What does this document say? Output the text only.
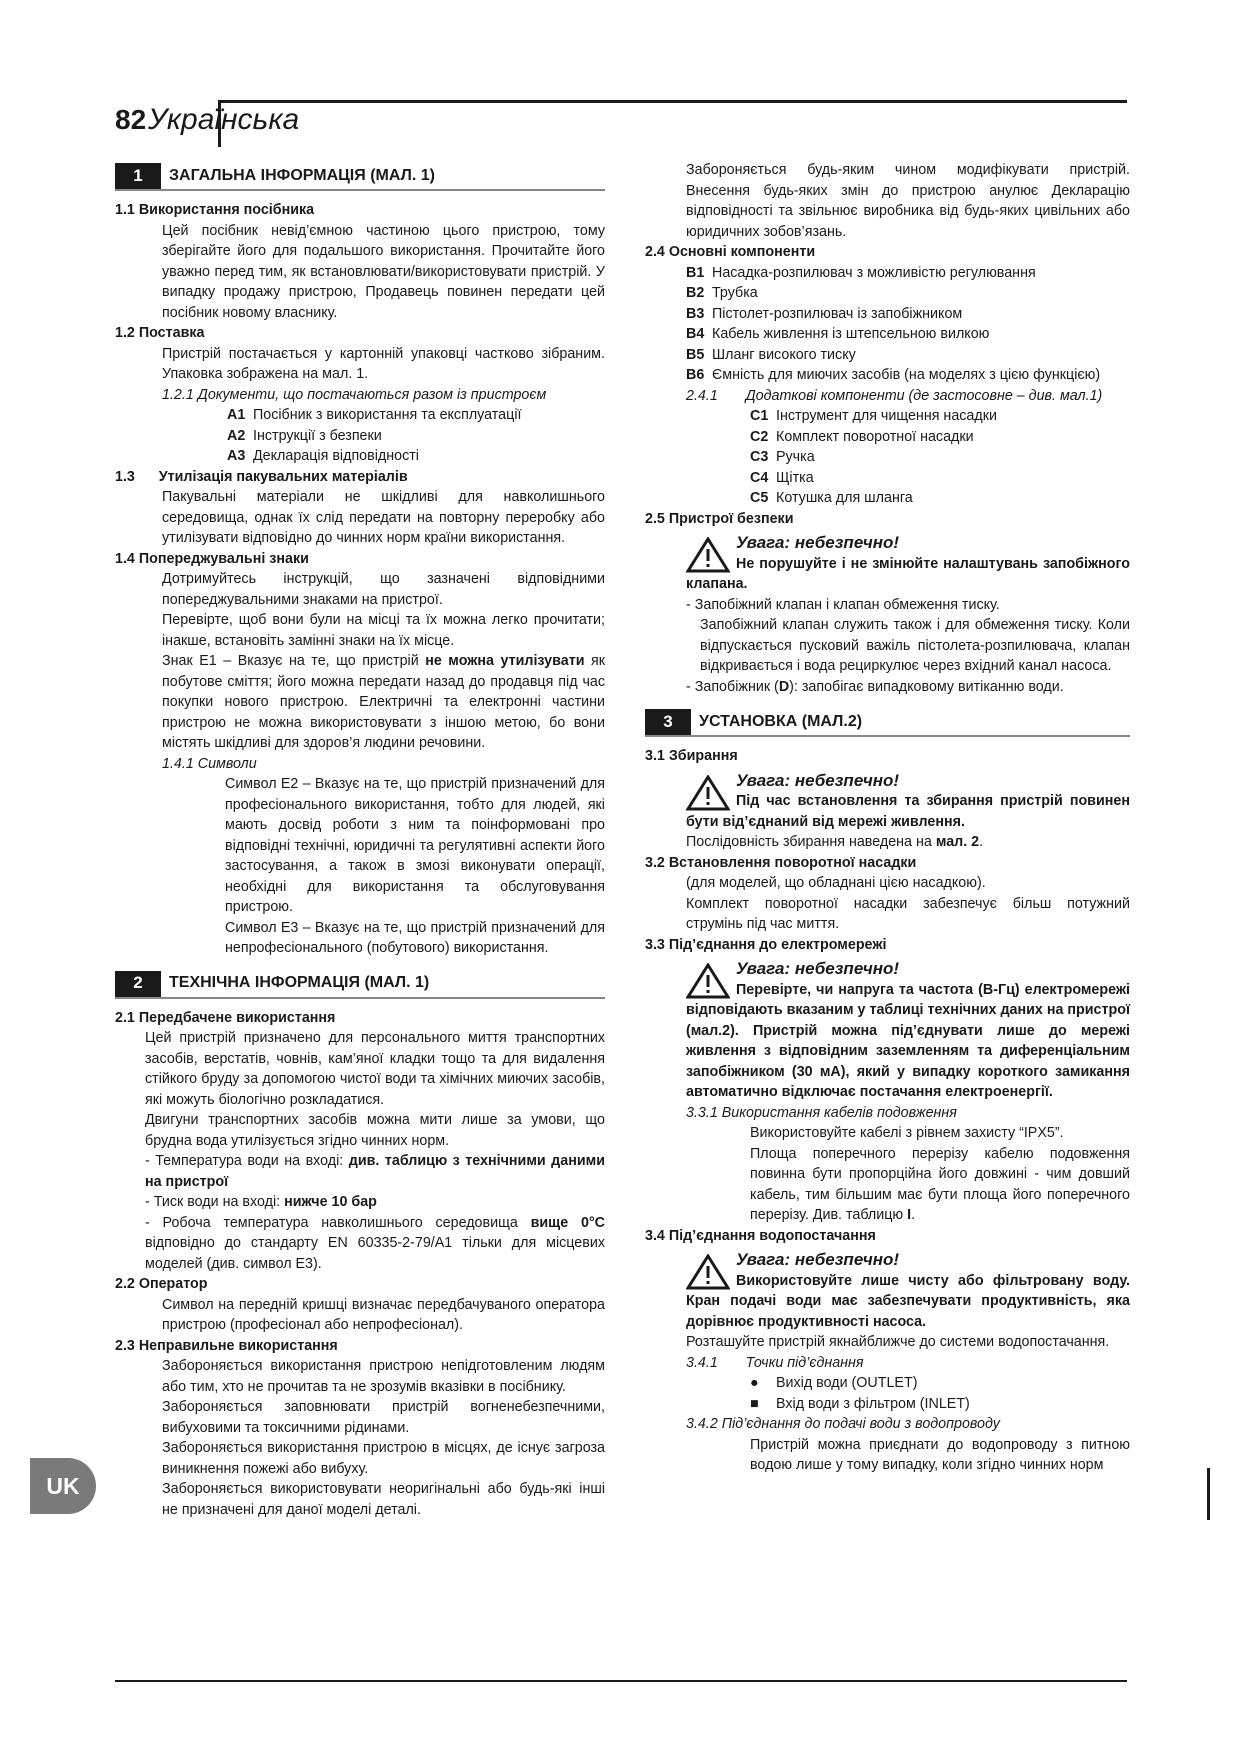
82 Українська
UK
1	ЗАГАЛЬНА ІНФОРМАЦІЯ (МАЛ. 1)

1.1 Використання посібника

Цей посібник невід’ємною частиною цього пристрою, тому зберігайте його для подальшого використання. Прочитайте його уважно перед тим, як встановлювати/використовувати пристрій. У випадку продажу пристрою, Продавець повинен передати цей посібник новому власнику.

1.2 Поставка

Пристрій постачається у картонній упаковці частково зібраним. Упаковка зображена на мал. 1.

1.2.1 Документи, що постачаються разом із пристроєм

A1 Посібник з використання та експлуатації

A2 Інструкції з безпеки

A3 Декларація відповідності

1.3      Утилізація пакувальних матеріалів

Пакувальні матеріали не шкідливі для навколишнього середовища, однак їх слід передати на повторну переробку або утилізувати відповідно до чинних норм країни використання.

1.4 Попереджувальні знаки

Дотримуйтесь інструкцій, що зазначені відповідними попереджувальними знаками на пристрої.

Перевірте, щоб вони були на місці та їх можна легко прочитати; інакше, встановіть замінні знаки на їх місце.

Знак E1 – Вказує на те, що пристрій не можна утилізувати як побутове сміття; його можна передати назад до продавця під час покупки нового пристрою. Електричні та електронні частини пристрою не можна використовувати з іншою метою, бо вони містять шкідливі для здоров’я людини речовини.

1.4.1 Символи

Символ E2 – Вказує на те, що пристрій призначений для професіонального використання, тобто для людей, які мають досвід роботи з ним та поінформовані про відповідні технічні, юридичні та регулятивні аспекти його застосування, а також в змозі виконувати операції, необхідні для використання та обслуговування пристрою.

Символ E3 – Вказує на те, що пристрій призначений для непрофесіонального (побутового) використання.

2	ТЕХНІЧНА ІНФОРМАЦІЯ (МАЛ. 1)

2.1 Передбачене використання

Цей пристрій призначено для персонального миття транспортних засобів, верстатів, човнів, кам’яної кладки тощо та для видалення стійкого бруду за допомогою чистої води та хімічних миючих засобів, які можуть біологічно розкладатися.

Двигуни транспортних засобів можна мити лише за умови, що брудна вода утилізується згідно чинних норм.

- Температура води на вході: див. таблицю з технічними даними на пристрої

- Тиск води на вході: нижче 10 бар

- Робоча температура навколишнього середовища вище 0°C відповідно до стандарту EN 60335-2-79/A1 тільки для місцевих моделей (див. символ E3).

2.2 Оператор

Символ на передній кришці визначає передбачуваного оператора пристрою (професіонал або непрофесіонал).

2.3 Неправильне використання

Забороняється використання пристрою непідготовленим людям або тим, хто не прочитав та не зрозумів вказівки в посібнику.

Забороняється заповнювати пристрій вогненебезпечними, вибуховими та токсичними рідинами.

Забороняється використання пристрою в місцях, де існує загроза виникнення пожежі або вибуху.

Забороняється використовувати неоригінальні або будь-які інші не призначені для даної моделі деталі.

Забороняється будь-яким чином модифікувати пристрій. Внесення будь-яких змін до пристрою анулює Декларацію відповідності та звільнює виробника від будь-яких цивільних або юридичних зобов’язань.

2.4 Основні компоненти

B1 Насадка-розпилювач з можливістю регулювання

B2 Трубка

B3 Пістолет-розпилювач із запобіжником

B4 Кабель живлення із штепсельною вилкою

B5 Шланг високого тиску

B6 Ємність для миючих засобів (на моделях з цією функцією)

2.4.1       Додаткові компоненти (де застосовне – див. мал.1)

C1 Інструмент для чищення насадки

C2 Комплект поворотної насадки

C3 Ручка

C4 Щітка

C5 Котушка для шланга

2.5 Пристрої безпеки

Увага: небезпечно!

Не порушуйте і не змінюйте налаштувань запобіжного клапана.

- Запобіжний клапан і клапан обмеження тиску.

Запобіжний клапан служить також і для обмеження тиску. Коли відпускається пусковий важіль пістолета-розпилювача, клапан відкривається і вода рециркулює через вхідний канал насоса.

- Запобіжник (D): запобігає випадковому витіканню води.

3	УСТАНОВКА (МАЛ.2)

3.1 Збирання

Увага: небезпечно!

Під час встановлення та збирання пристрій повинен бути від’єднаний від мережі живлення.

Послідовність збирання наведена на мал. 2.

3.2 Встановлення поворотної насадки

(для моделей, що обладнані цією насадкою).

Комплект поворотної насадки забезпечує більш потужний струмінь під час миття.

3.3 Під’єднання до електромережі

Увага: небезпечно!

Перевірте, чи напруга та частота (В-Гц) електромережі відповідають вказаним у таблиці технічних даних на пристрої (мал.2). Пристрій можна під’єднувати лише до мережі живлення з відповідним заземленням та диференціальним запобіжником (30 мА), який у випадку короткого замикання автоматично відключає постачання електроенергії.

3.3.1 Використання кабелів подовження

Використовуйте кабелі з рівнем захисту “IPX5”.

Площа поперечного перерізу кабелю подовження повинна бути пропорційна його довжині - чим довший кабель, тим більшим має бути площа його поперечного перерізу. Див. таблицю I.

3.4 Під’єднання водопостачання

Увага: небезпечно!

Використовуйте лише чисту або фільтровану воду. Кран подачі води має забезпечувати продуктивність, яка дорівнює продуктивності насоса.

Розташуйте пристрій якнайближче до системи водопостачання.

3.4.1       Точки під’єднання

● Вихід води (OUTLET)

■ Вхід води з фільтром (INLET)

3.4.2 Під’єднання до подачі води з водопроводу

Пристрій можна приєднати до водопроводу з питною водою лише у тому випадку, коли згідно чинних норм
